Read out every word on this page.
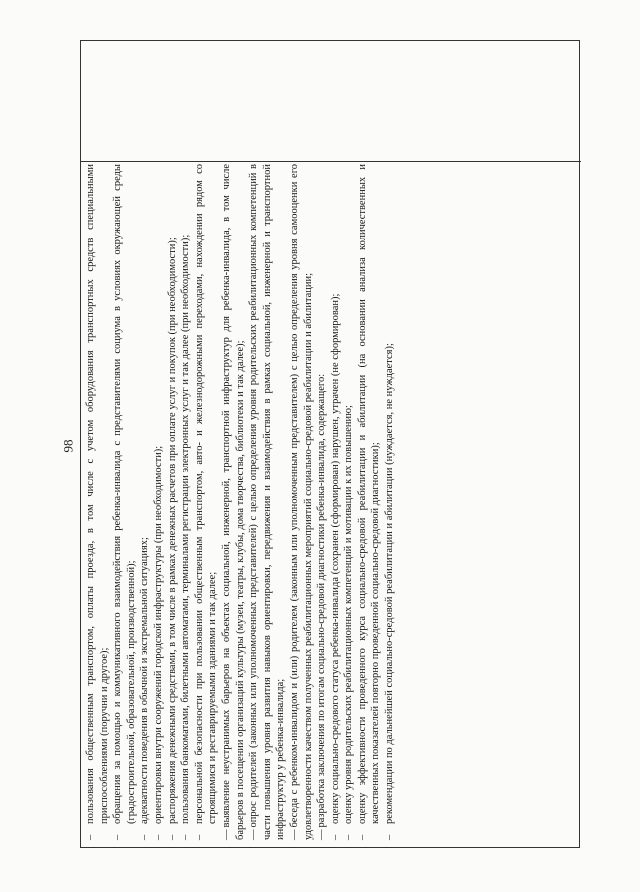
98
–
пользования общественным транспортом, оплаты проезда, в том числе с учетом оборудования транспортных средств специальными приспособлениями (поручни и другое);
–
обращения за помощью и коммуникативного взаимодействия ребенка-инвалида с представителями социума в условиях окружающей среды (градостроительной, образовательной, производственной);
–
адекватности поведения в обычной и экстремальной ситуациях;
–
ориентировки внутри сооружений городской инфраструктуры (при необходимости);
–
распоряжения денежными средствами, в том числе в рамках денежных расчетов при оплате услуг и покупок (при необходимости);
–
пользования банкоматами, билетными автоматами, терминалами регистрации электронных услуг и так далее (при необходимости);
–
персональной безопасности при пользовании общественным транспортом, авто- и железнодорожными переходами, нахождении рядом со строящимися и реставрируемыми зданиями и так далее;
—выявление неустранимых барьеров на объектах социальной, инженерной, транспортной инфраструктур для ребенка-инвалида, в том числе барьеров в посещении организаций культуры (музеи, театры, клубы, дома творчества, библиотеки и так далее); —опрос родителей (законных или уполномоченных представителей) с целью определения уровня родительских реабилитационных компетенций в части повышения уровня развития навыков ориентировки, передвижения и взаимодействия в рамках социальной, инженерной и транспортной инфраструктур у ребенка-инвалида; —беседа с ребенком-инвалидом и (или) родителем (законным или уполномоченным представителем) с целью определения уровня самооценки его удовлетворенности качеством полученных реабилитационных мероприятий социально-средовой реабилитации и абилитации; —разработка заключения по итогам социально-средовой диагностики ребенка-инвалида, содержащего:
–
оценку социально-средового статуса ребенка-инвалида (сохранен (сформирован) нарушен, утрачен (не сформирован);
–
оценку уровня родительских реабилитационных компетенций и мотивации к их повышению;
–
оценку эффективности проведенного курса социально-средовой реабилитации и абилитации (на основании анализа количественных и качественных показателей повторно проведенной социально-средовой диагностики);
–
рекомендации по дальнейшей социально-средовой реабилитации и абилитации (нуждается, не нуждается);
